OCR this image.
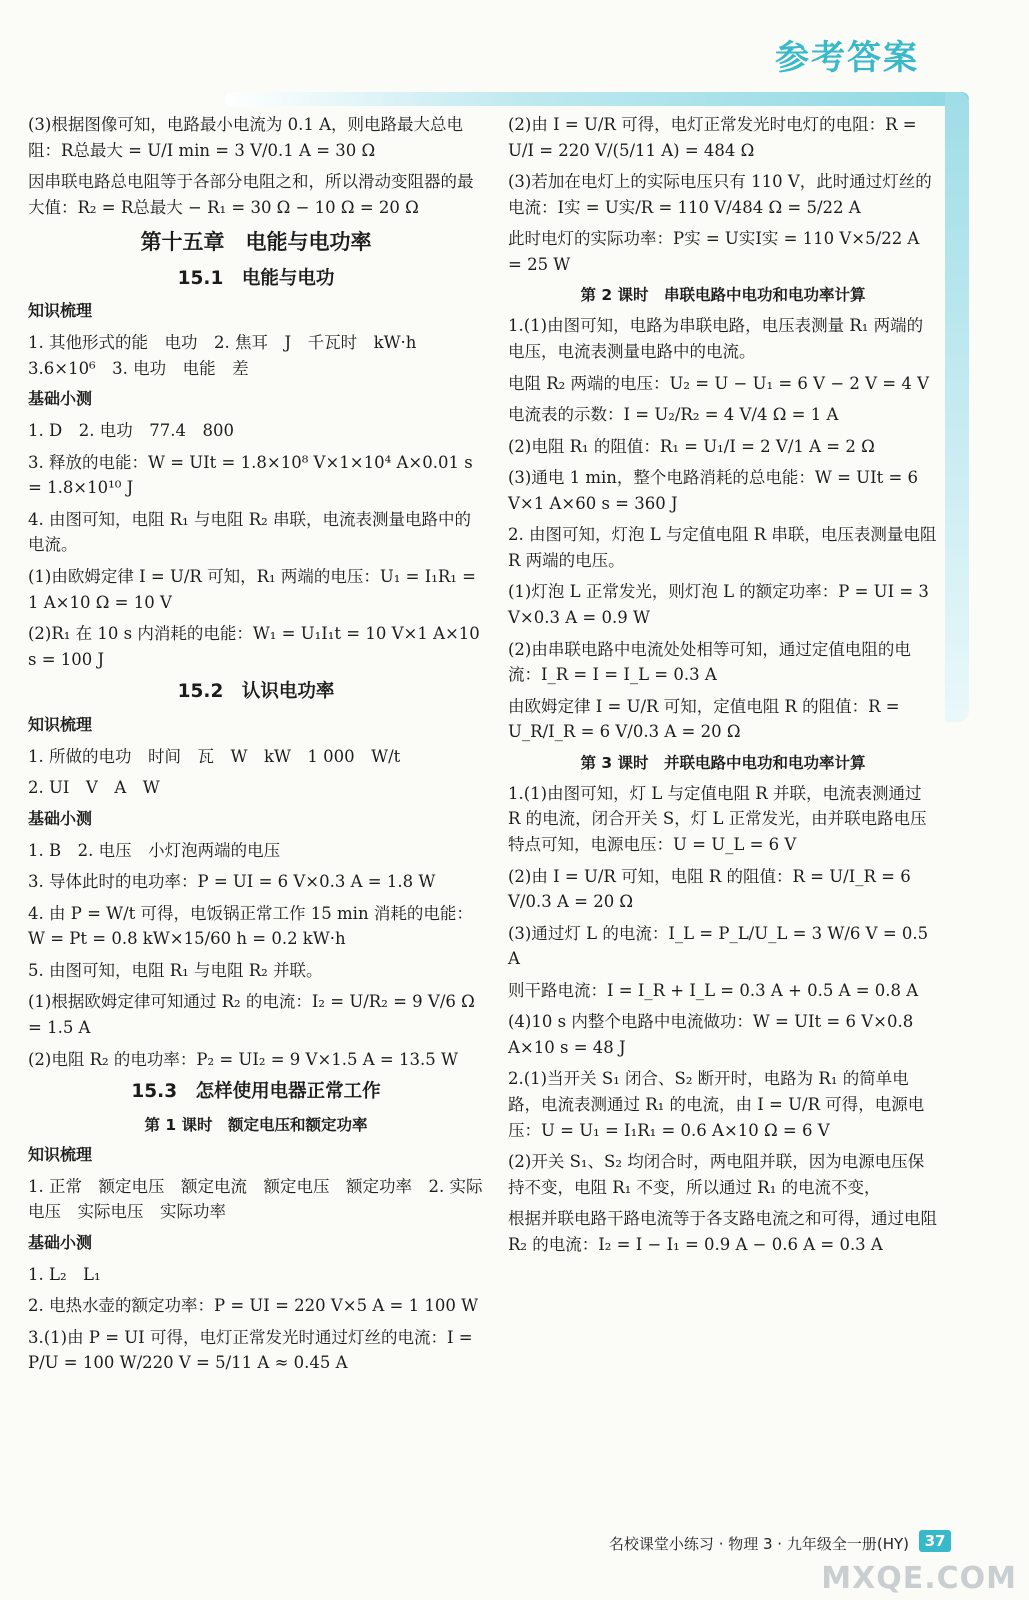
参考答案

(3)根据图像可知，电路最小电流为 0.1 A，则电路最大总电阻：R总最大 = U/I min = 3 V/0.1 A = 30 Ω

因串联电路总电阻等于各部分电阻之和，所以滑动变阻器的最大值：R₂ = R总最大 − R₁ = 30 Ω − 10 Ω = 20 Ω

第十五章　电能与电功率

15.1　电能与电功

知识梳理

1. 其他形式的能　电功　2. 焦耳　J　千瓦时　kW·h　3.6×10⁶　3. 电功　电能　差

基础小测

1. D　2. 电功　77.4　800

3. 释放的电能：W = UIt = 1.8×10⁸ V×1×10⁴ A×0.01 s = 1.8×10¹⁰ J

4. 由图可知，电阻 R₁ 与电阻 R₂ 串联，电流表测量电路中的电流。

(1)由欧姆定律 I = U/R 可知，R₁ 两端的电压：U₁ = I₁R₁ = 1 A×10 Ω = 10 V

(2)R₁ 在 10 s 内消耗的电能：W₁ = U₁I₁t = 10 V×1 A×10 s = 100 J

15.2　认识电功率

知识梳理

1. 所做的电功　时间　瓦　W　kW　1 000　W/t

2. UI　V　A　W

基础小测

1. B　2. 电压　小灯泡两端的电压

3. 导体此时的电功率：P = UI = 6 V×0.3 A = 1.8 W

4. 由 P = W/t 可得，电饭锅正常工作 15 min 消耗的电能：W = Pt = 0.8 kW×15/60 h = 0.2 kW·h

5. 由图可知，电阻 R₁ 与电阻 R₂ 并联。

(1)根据欧姆定律可知通过 R₂ 的电流：I₂ = U/R₂ = 9 V/6 Ω = 1.5 A

(2)电阻 R₂ 的电功率：P₂ = UI₂ = 9 V×1.5 A = 13.5 W

15.3　怎样使用电器正常工作

第 1 课时　额定电压和额定功率

知识梳理

1. 正常　额定电压　额定电流　额定电压　额定功率　2. 实际电压　实际电压　实际功率

基础小测

1. L₂　L₁

2. 电热水壶的额定功率：P = UI = 220 V×5 A = 1 100 W

3.(1)由 P = UI 可得，电灯正常发光时通过灯丝的电流：I = P/U = 100 W/220 V = 5/11 A ≈ 0.45 A

(2)由 I = U/R 可得，电灯正常发光时电灯的电阻：R = U/I = 220 V/(5/11 A) = 484 Ω

(3)若加在电灯上的实际电压只有 110 V，此时通过灯丝的电流：I实 = U实/R = 110 V/484 Ω = 5/22 A

此时电灯的实际功率：P实 = U实I实 = 110 V×5/22 A = 25 W

第 2 课时　串联电路中电功和电功率计算

1.(1)由图可知，电路为串联电路，电压表测量 R₁ 两端的电压，电流表测量电路中的电流。

电阻 R₂ 两端的电压：U₂ = U − U₁ = 6 V − 2 V = 4 V

电流表的示数：I = U₂/R₂ = 4 V/4 Ω = 1 A

(2)电阻 R₁ 的阻值：R₁ = U₁/I = 2 V/1 A = 2 Ω

(3)通电 1 min，整个电路消耗的总电能：W = UIt = 6 V×1 A×60 s = 360 J

2. 由图可知，灯泡 L 与定值电阻 R 串联，电压表测量电阻 R 两端的电压。

(1)灯泡 L 正常发光，则灯泡 L 的额定功率：P = UI = 3 V×0.3 A = 0.9 W

(2)由串联电路中电流处处相等可知，通过定值电阻的电流：I_R = I = I_L = 0.3 A

由欧姆定律 I = U/R 可知，定值电阻 R 的阻值：R = U_R/I_R = 6 V/0.3 A = 20 Ω

第 3 课时　并联电路中电功和电功率计算

1.(1)由图可知，灯 L 与定值电阻 R 并联，电流表测通过 R 的电流，闭合开关 S，灯 L 正常发光，由并联电路电压特点可知，电源电压：U = U_L = 6 V

(2)由 I = U/R 可知，电阻 R 的阻值：R = U/I_R = 6 V/0.3 A = 20 Ω

(3)通过灯 L 的电流：I_L = P_L/U_L = 3 W/6 V = 0.5 A

则干路电流：I = I_R + I_L = 0.3 A + 0.5 A = 0.8 A

(4)10 s 内整个电路中电流做功：W = UIt = 6 V×0.8 A×10 s = 48 J

2.(1)当开关 S₁ 闭合、S₂ 断开时，电路为 R₁ 的简单电路，电流表测通过 R₁ 的电流，由 I = U/R 可得，电源电压：U = U₁ = I₁R₁ = 0.6 A×10 Ω = 6 V

(2)开关 S₁、S₂ 均闭合时，两电阻并联，因为电源电压保持不变，电阻 R₁ 不变，所以通过 R₁ 的电流不变，

根据并联电路干路电流等于各支路电流之和可得，通过电阻 R₂ 的电流：I₂ = I − I₁ = 0.9 A − 0.6 A = 0.3 A

名校课堂小练习 · 物理 3 · 九年级全一册(HY)	37
MXQE.COM
